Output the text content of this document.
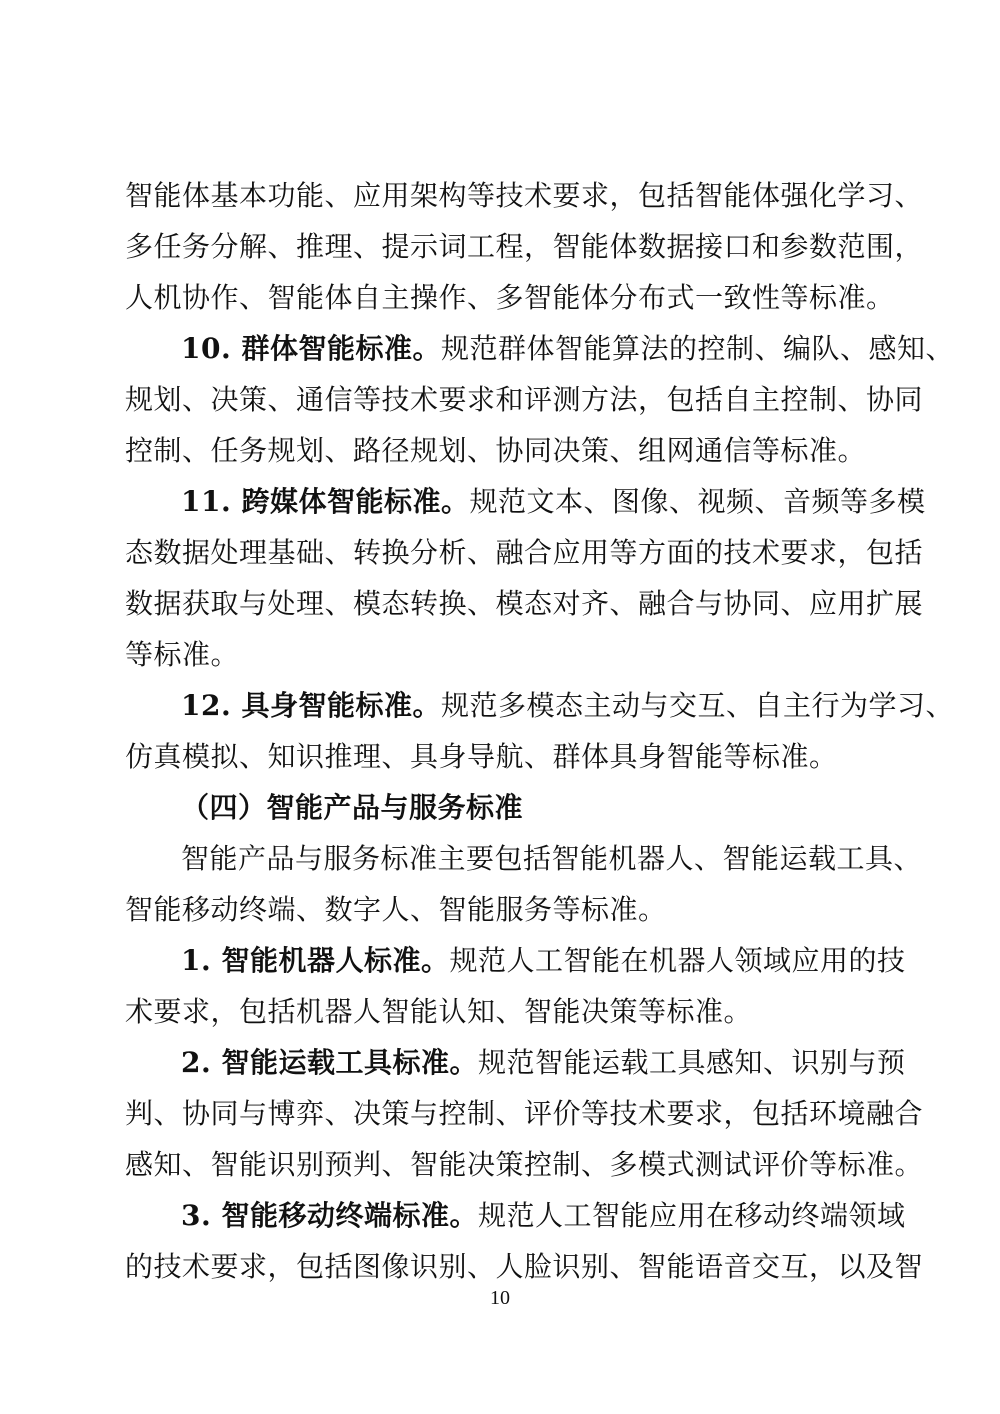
智能体基本功能、应用架构等技术要求，包括智能体强化学习、
多任务分解、推理、提示词工程，智能体数据接口和参数范围，
人机协作、智能体自主操作、多智能体分布式一致性等标准。
10. 群体智能标准。规范群体智能算法的控制、编队、感知、
规划、决策、通信等技术要求和评测方法，包括自主控制、协同
控制、任务规划、路径规划、协同决策、组网通信等标准。
11. 跨媒体智能标准。规范文本、图像、视频、音频等多模
态数据处理基础、转换分析、融合应用等方面的技术要求，包括
数据获取与处理、模态转换、模态对齐、融合与协同、应用扩展
等标准。
12. 具身智能标准。规范多模态主动与交互、自主行为学习、
仿真模拟、知识推理、具身导航、群体具身智能等标准。
（四）智能产品与服务标准
智能产品与服务标准主要包括智能机器人、智能运载工具、
智能移动终端、数字人、智能服务等标准。
1. 智能机器人标准。规范人工智能在机器人领域应用的技
术要求，包括机器人智能认知、智能决策等标准。
2. 智能运载工具标准。规范智能运载工具感知、识别与预
判、协同与博弈、决策与控制、评价等技术要求，包括环境融合
感知、智能识别预判、智能决策控制、多模式测试评价等标准。
3. 智能移动终端标准。规范人工智能应用在移动终端领域
的技术要求，包括图像识别、人脸识别、智能语音交互，以及智
10
